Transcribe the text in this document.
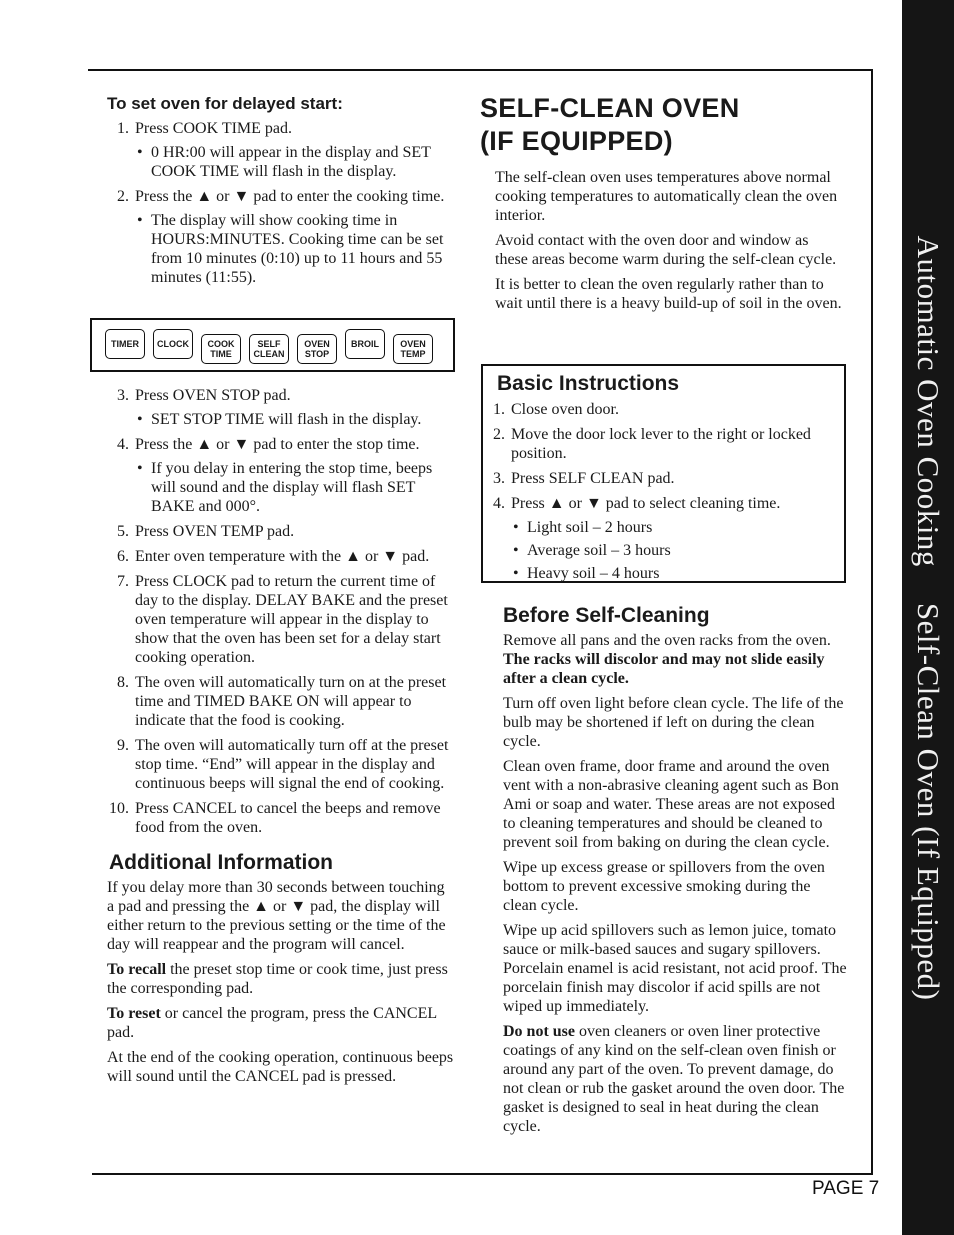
To set oven for delayed start:
1. Press COOK TIME pad.
• 0 HR:00 will appear in the display and SET COOK TIME will flash in the display.
2. Press the ▲ or ▼ pad to enter the cooking time.
• The display will show cooking time in HOURS:MINUTES. Cooking time can be set from 10 minutes (0:10) up to 11 hours and 55 minutes (11:55).
TIMER CLOCK COOK
TIMESELF
CLEANOVEN
STOPBROIL OVEN
TEMP
3. Press OVEN STOP pad.
• SET STOP TIME will flash in the display.
4. Press the ▲ or ▼ pad to enter the stop time.
• If you delay in entering the stop time, beeps will sound and the display will flash SET BAKE and 000°.
5. Press OVEN TEMP pad.
6. Enter oven temperature with the ▲ or ▼ pad.
7. Press CLOCK pad to return the current time of day to the display. DELAY BAKE and the preset oven temperature will appear in the display to show that the oven has been set for a delay start cooking operation.
8. The oven will automatically turn on at the preset time and TIMED BAKE ON will appear to indicate that the food is cooking.
9. The oven will automatically turn off at the preset stop time. “End” will appear in the display and continuous beeps will signal the end of cooking.
10. Press CANCEL to cancel the beeps and remove food from the oven.
Additional Information

If you delay more than 30 seconds between touching a pad and pressing the ▲ or ▼ pad, the display will either return to the previous setting or the time of the day will reappear and the program will cancel.

To recall the preset stop time or cook time, just press the corresponding pad.

To reset or cancel the program, press the CANCEL pad.

At the end of the cooking operation, continuous beeps will sound until the CANCEL pad is pressed.

SELF-CLEAN OVEN
(IF EQUIPPED)

The self-clean oven uses temperatures above normal cooking temperatures to automatically clean the oven interior.

Avoid contact with the oven door and window as these areas become warm during the self-clean cycle.

It is better to clean the oven regularly rather than to wait until there is a heavy build-up of soil in the oven.

Basic Instructions
1. Close oven door.
2. Move the door lock lever to the right or locked position.
3. Press SELF CLEAN pad.
4. Press ▲ or ▼ pad to select cleaning time.
• Light soil – 2 hours
• Average soil – 3 hours
• Heavy soil – 4 hours
Before Self-Cleaning

Remove all pans and the oven racks from the oven. The racks will discolor and may not slide easily after a clean cycle.

Turn off oven light before clean cycle. The life of the bulb may be shortened if left on during the clean cycle.

Clean oven frame, door frame and around the oven vent with a non-abrasive cleaning agent such as Bon Ami or soap and water. These areas are not exposed to cleaning temperatures and should be cleaned to prevent soil from baking on during the clean cycle.

Wipe up excess grease or spillovers from the oven bottom to prevent excessive smoking during the clean cycle.

Wipe up acid spillovers such as lemon juice, tomato sauce or milk-based sauces and sugary spillovers. Porcelain enamel is acid resistant, not acid proof. The porcelain finish may discolor if acid spills are not wiped up immediately.

Do not use oven cleaners or oven liner protective coatings of any kind on the self-clean oven finish or around any part of the oven. To prevent damage, do not clean or rub the gasket around the oven door. The gasket is designed to seal in heat during the clean cycle.

PAGE 7
Automatic Oven CookingSelf-Clean Oven (If Equipped)
